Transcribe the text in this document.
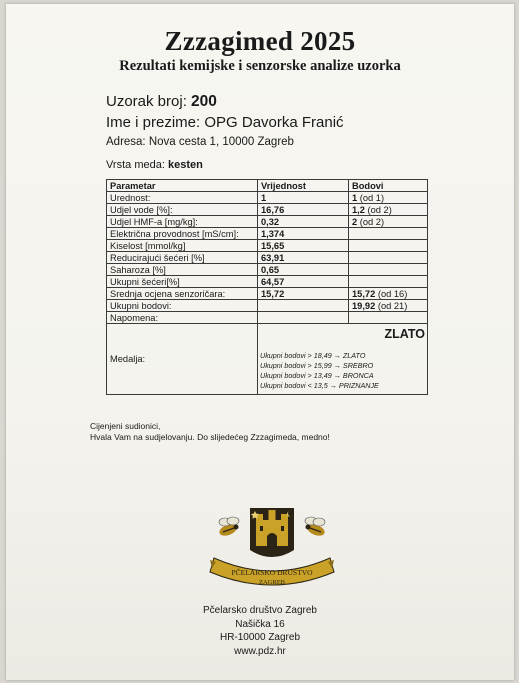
Zzzagimed 2025
Rezultati kemijske i senzorske analize uzorka
Uzorak broj: 200
Ime i prezime: OPG Davorka Franić
Adresa: Nova cesta 1, 10000 Zagreb
Vrsta meda: kesten
Parametar	Vrijednost	Bodovi
Urednost:	1	1 (od 1)
Udjel vode [%]:	16,76	1,2 (od 2)
Udjel HMF-a [mg/kg]:	0,32	2 (od 2)
Električna provodnost [mS/cm]:	1,374	
Kiselost [mmol/kg]	15,65	
Reducirajući šećeri [%]	63,91	
Saharoza [%]	0,65	
Ukupni šećeri[%]	64,57	
Srednja ocjena senzoričara:	15,72	15,72 (od 16)
Ukupni bodovi:		19,92 (od 21)
Napomena:		
Medalja:	ZLATO
Ukupni bodovi > 18,49 → ZLATO
Ukupni bodovi > 15,99 → SREBRO
Ukupni bodovi > 13,49 → BRONCA
Ukupni bodovi < 13,5 → PRIZNANJE	
Cijenjeni sudionici,
Hvala Vam na sudjelovanju. Do slijedećeg Zzzagimeda, medno!
PČELARSKO DRUŠTVO
ZAGREB
Pčelarsko društvo Zagreb
Našička 16
HR-10000 Zagreb
www.pdz.hr
